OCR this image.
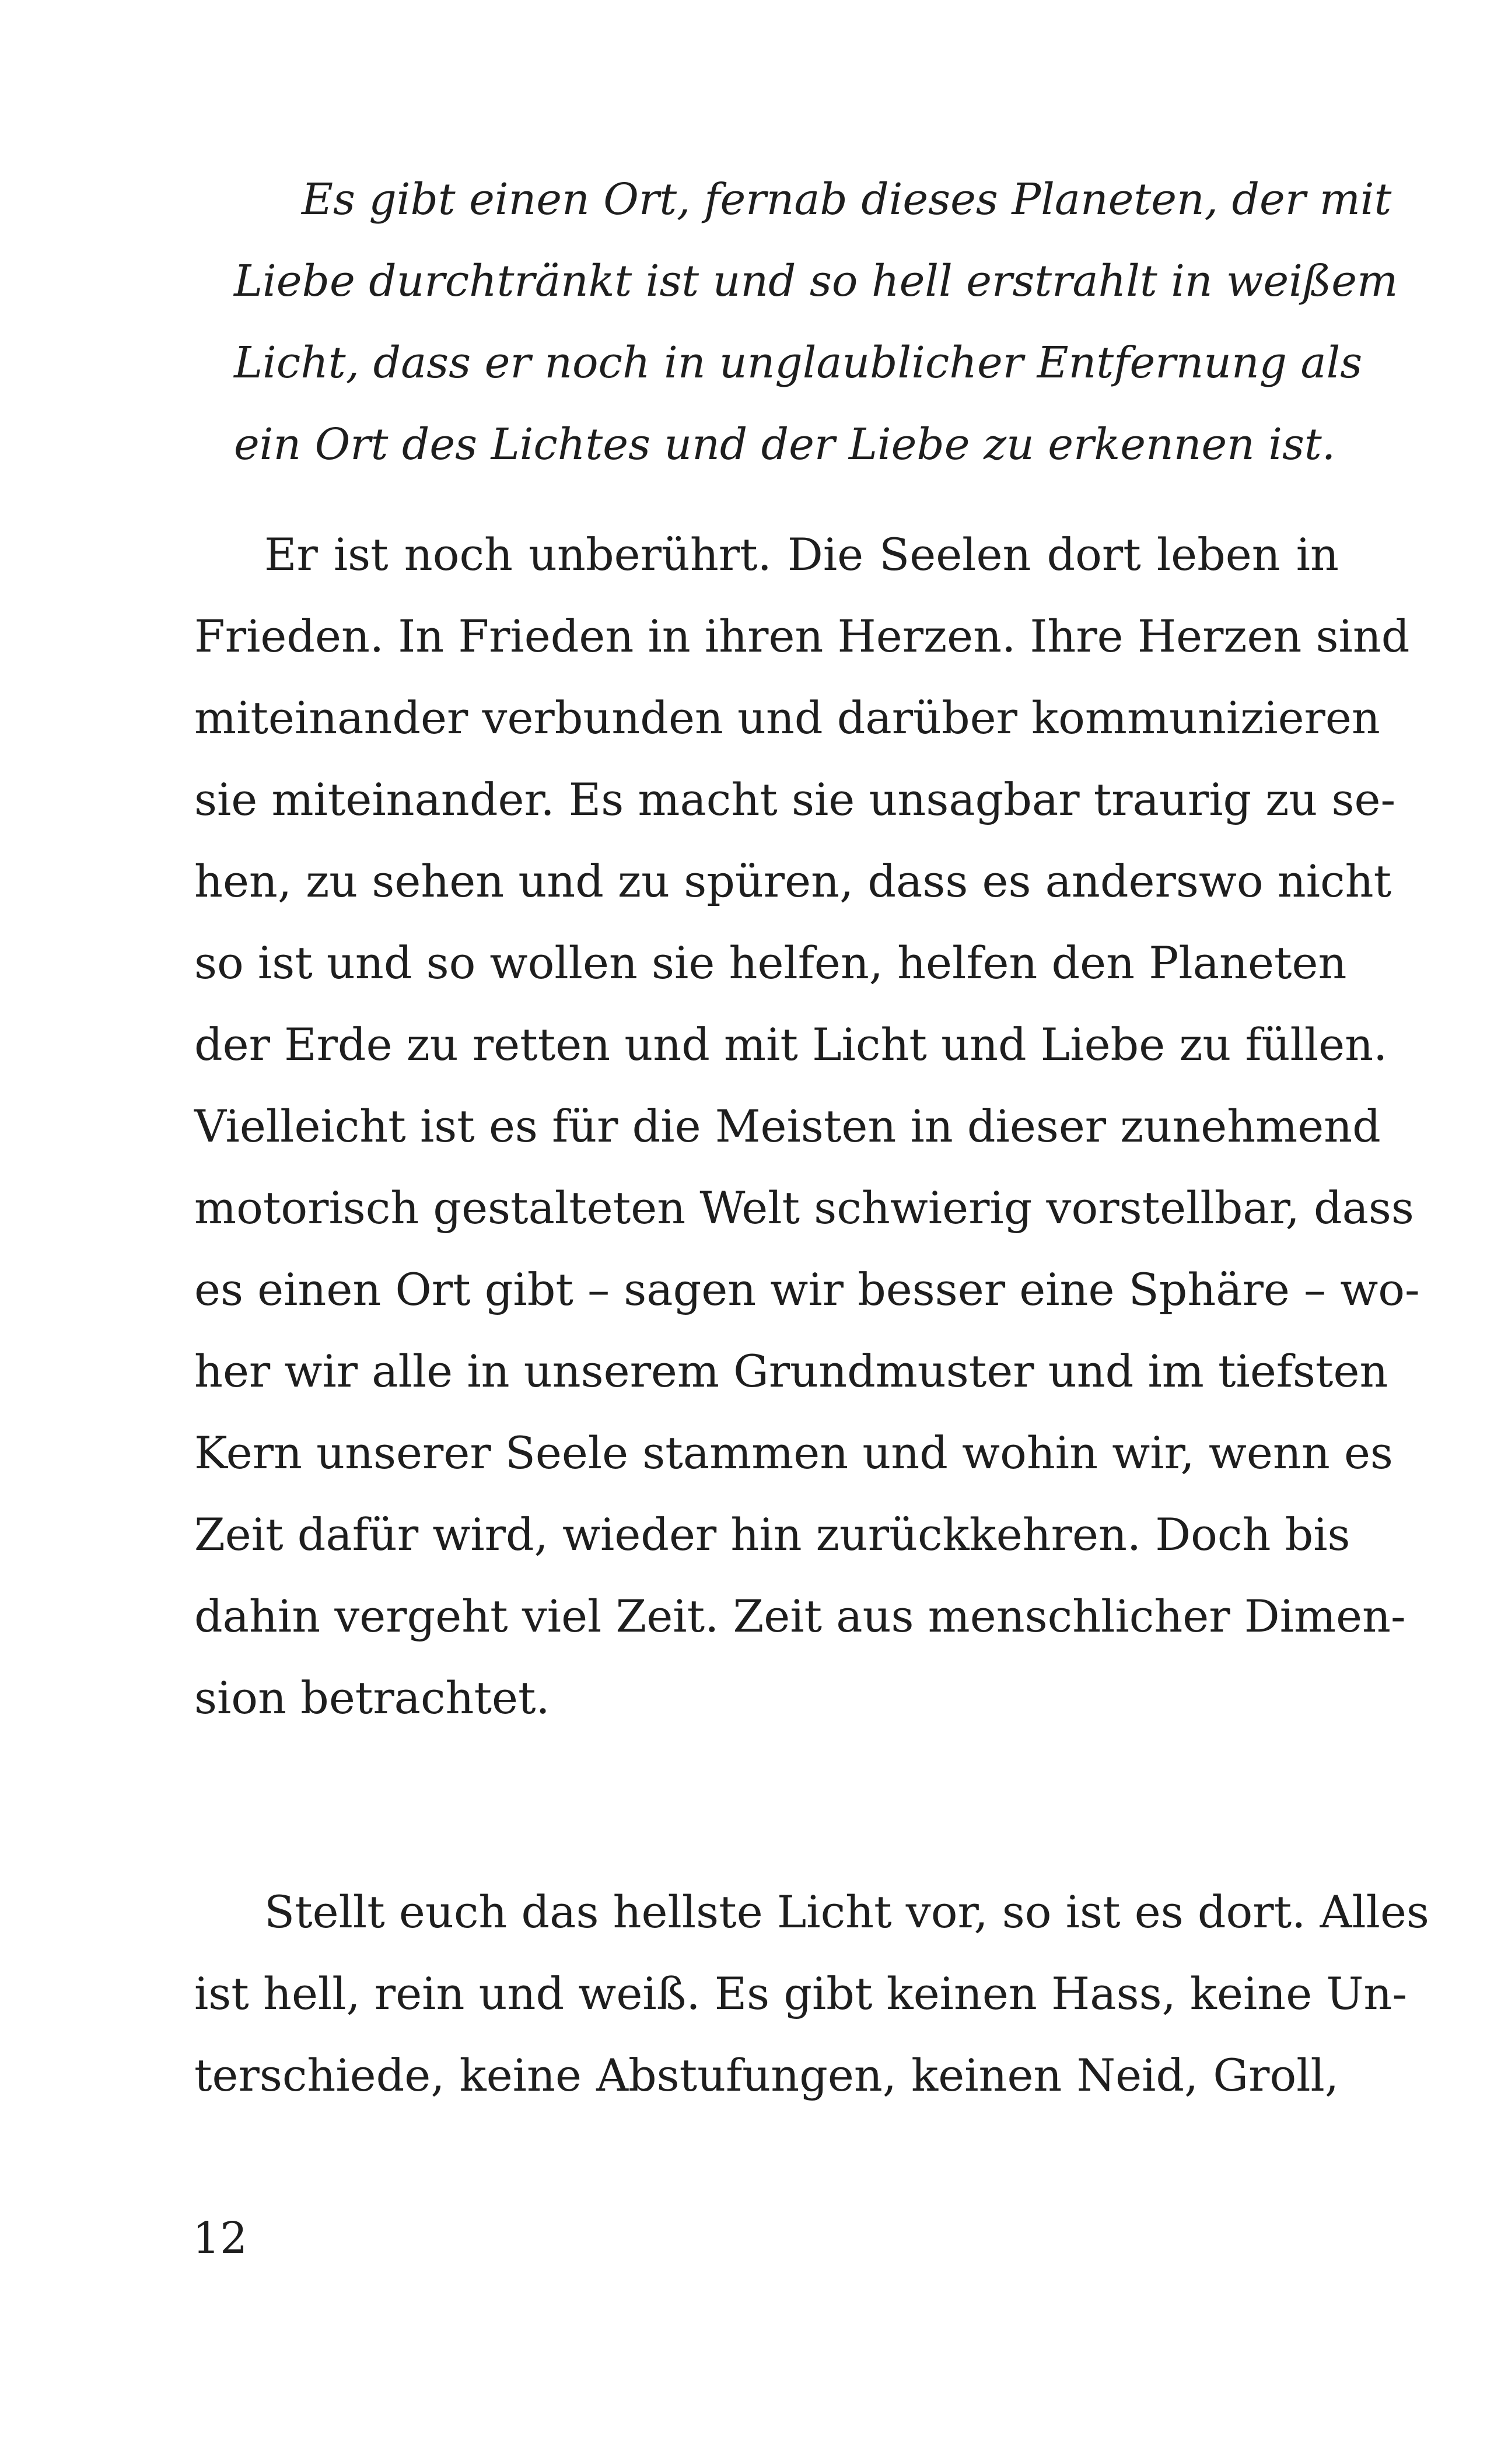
Es gibt einen Ort, fernab dieses Planeten, der mit
Liebe durchtränkt ist und so hell erstrahlt in weißem
Licht, dass er noch in unglaublicher Entfernung als
ein Ort des Lichtes und der Liebe zu erkennen ist.
Er ist noch unberührt. Die Seelen dort leben in
Frieden. In Frieden in ihren Herzen. Ihre Herzen sind
miteinander verbunden und darüber kommunizieren
sie miteinander. Es macht sie unsagbar traurig zu se-
hen, zu sehen und zu spüren, dass es anderswo nicht
so ist und so wollen sie helfen, helfen den Planeten
der Erde zu retten und mit Licht und Liebe zu füllen.
Vielleicht ist es für die Meisten in dieser zunehmend
motorisch gestalteten Welt schwierig vorstellbar, dass
es einen Ort gibt – sagen wir besser eine Sphäre – wo-
her wir alle in unserem Grundmuster und im tiefsten
Kern unserer Seele stammen und wohin wir, wenn es
Zeit dafür wird, wieder hin zurückkehren. Doch bis
dahin vergeht viel Zeit. Zeit aus menschlicher Dimen-
sion betrachtet.
Stellt euch das hellste Licht vor, so ist es dort. Alles
ist hell, rein und weiß. Es gibt keinen Hass, keine Un-
terschiede, keine Abstufungen, keinen Neid, Groll,
12
